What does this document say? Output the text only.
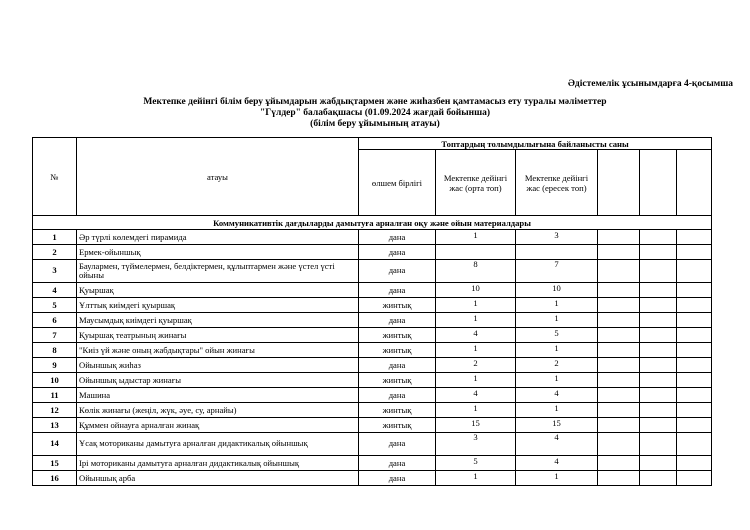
Әдістемелік ұсынымдарға 4-қосымша
Мектепке дейінгі білім беру ұйымдарын жабдықтармен және жиһазбен қамтамасыз ету туралы мәліметтер
"Гүлдер" балабақшасы (01.09.2024 жағдай бойынша)
(білім беру ұйымының атауы)
№	атауы	Топтардың толымдылығына байланысты саны					
		өлшем бірлігі	Мектепке дейінгі жас (орта топ)	Мектепке дейінгі жас (ересек топ)			
Коммуникативтік дағдыларды дамытуға арналған оқу және ойын материалдары							
1	Әр түрлі көлемдегі пирамида	дана	1	3			
2	Ермек-ойыншық	дана					
3	Баулармен, түймелермен, белдіктермен, құлыптармен және үстел үсті ойыны	дана	8	7			
4	Қуыршақ	дана	10	10			
5	Ұлттық киімдегі қуыршақ	жинтық	1	1			
6	Маусымдық киімдегі қуыршақ	дана	1	1			
7	Қуыршақ театрының жинағы	жинтық	4	5			
8	"Киіз үй және оның жабдықтары" ойын жинағы	жинтық	1	1			
9	Ойыншық жиhаз	дана	2	2			
10	Ойыншық ыдыстар жинағы	жинтық	1	1			
11	Машина	дана	4	4			
12	Көлік жинағы (жеңіл, жүк, әуе, су, арнайы)	жинтық	1	1			
13	Құммен ойнауға арналған жинақ	жинтық	15	15			
14	Ұсақ моториканы дамытуға арналған дидактикалық ойыншық	дана	3	4			
15	Ірі моториканы дамытуға арналған дидактикалық ойыншық	дана	5	4			
16	Ойыншық арба	дана	1	1			
